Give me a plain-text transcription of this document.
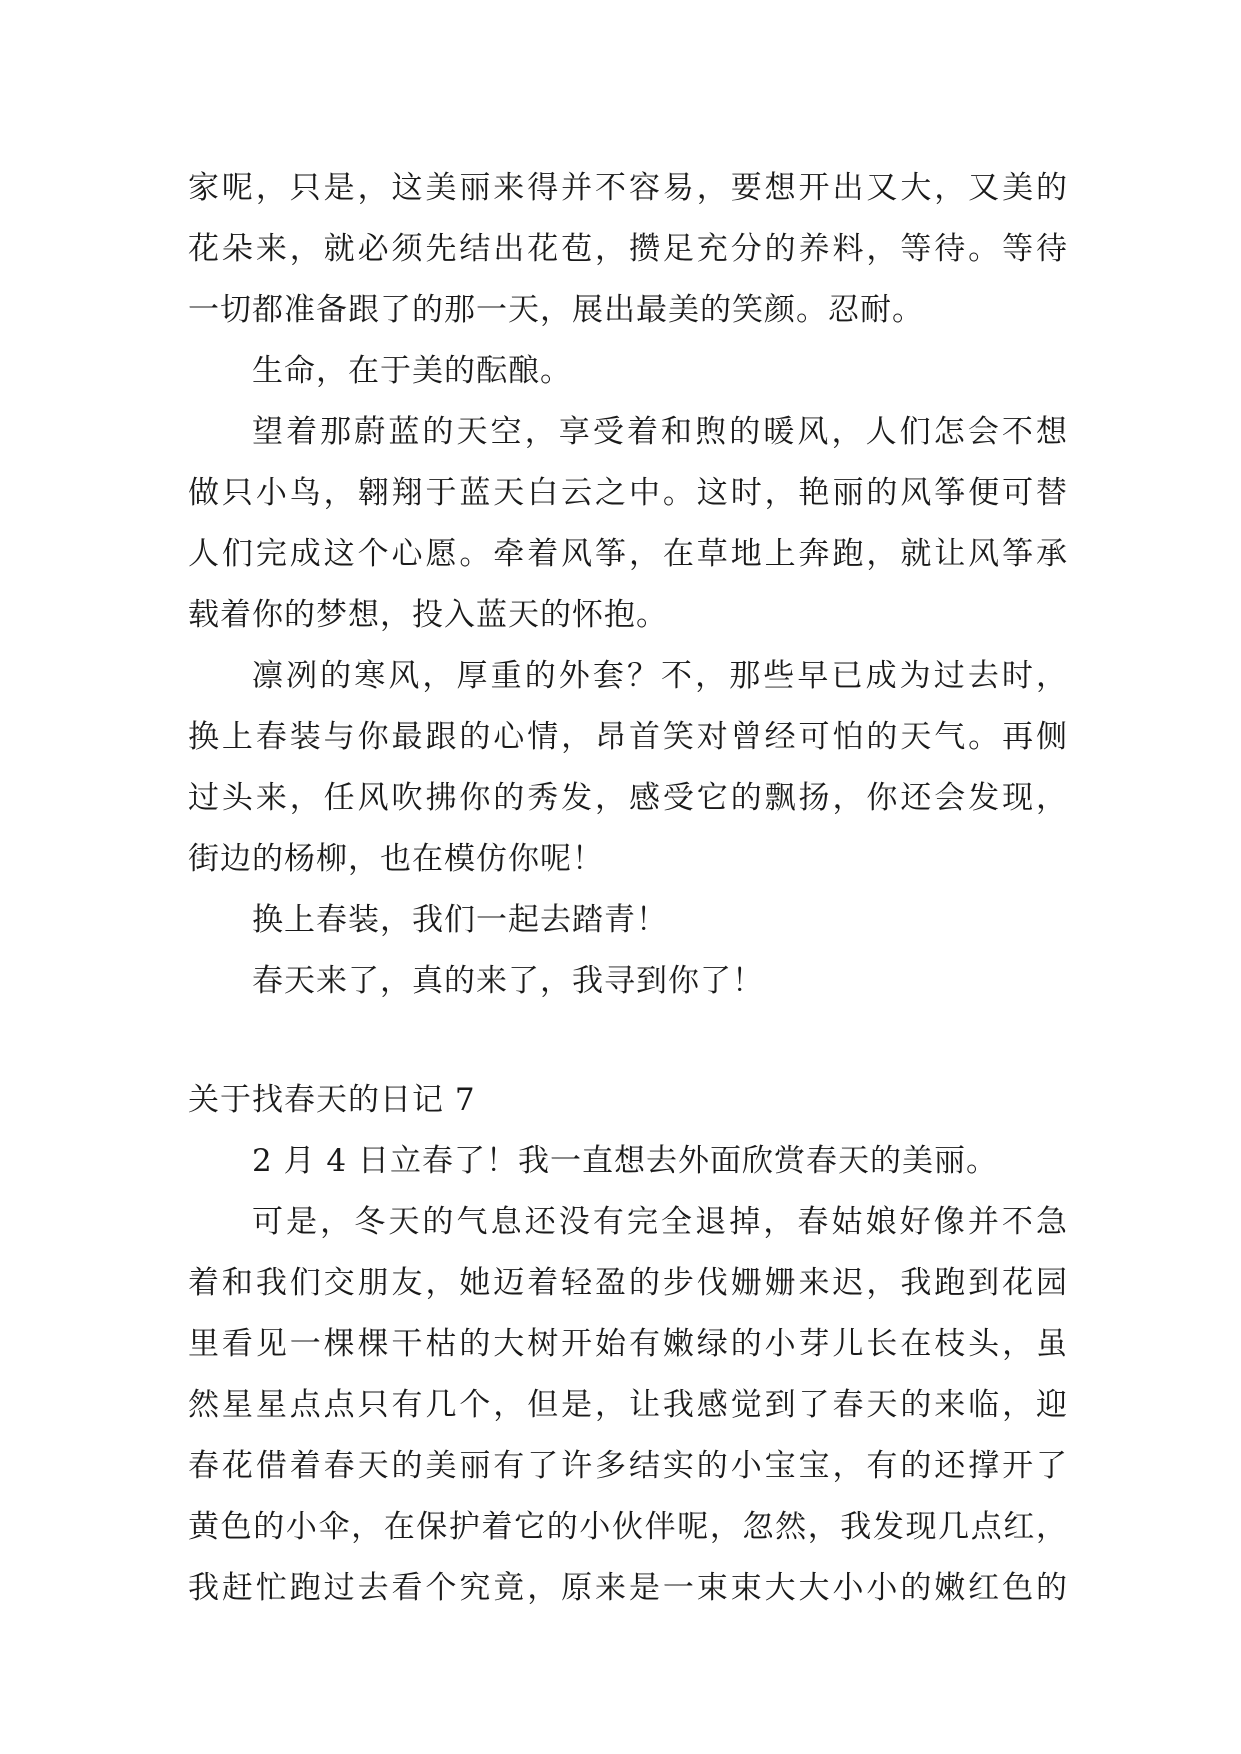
家呢，只是，这美丽来得并不容易，要想开出又大，又美的
花朵来，就必须先结出花苞，攒足充分的养料，等待。等待
一切都准备跟了的那一天，展出最美的笑颜。忍耐。
生命，在于美的酝酿。
望着那蔚蓝的天空，享受着和煦的暖风，人们怎会不想
做只小鸟，翱翔于蓝天白云之中。这时，艳丽的风筝便可替
人们完成这个心愿。牵着风筝，在草地上奔跑，就让风筝承
载着你的梦想，投入蓝天的怀抱。
凛冽的寒风，厚重的外套？不，那些早已成为过去时，
换上春装与你最跟的心情，昂首笑对曾经可怕的天气。再侧
过头来，任风吹拂你的秀发，感受它的飘扬，你还会发现，
街边的杨柳，也在模仿你呢！
换上春装，我们一起去踏青！
春天来了，真的来了，我寻到你了！
关于找春天的日记 7
2 月 4 日立春了！我一直想去外面欣赏春天的美丽。
可是，冬天的气息还没有完全退掉，春姑娘好像并不急
着和我们交朋友，她迈着轻盈的步伐姗姗来迟，我跑到花园
里看见一棵棵干枯的大树开始有嫩绿的小芽儿长在枝头，虽
然星星点点只有几个，但是，让我感觉到了春天的来临，迎
春花借着春天的美丽有了许多结实的小宝宝，有的还撑开了
黄色的小伞，在保护着它的小伙伴呢，忽然，我发现几点红，
我赶忙跑过去看个究竟，原来是一束束大大小小的嫩红色的
